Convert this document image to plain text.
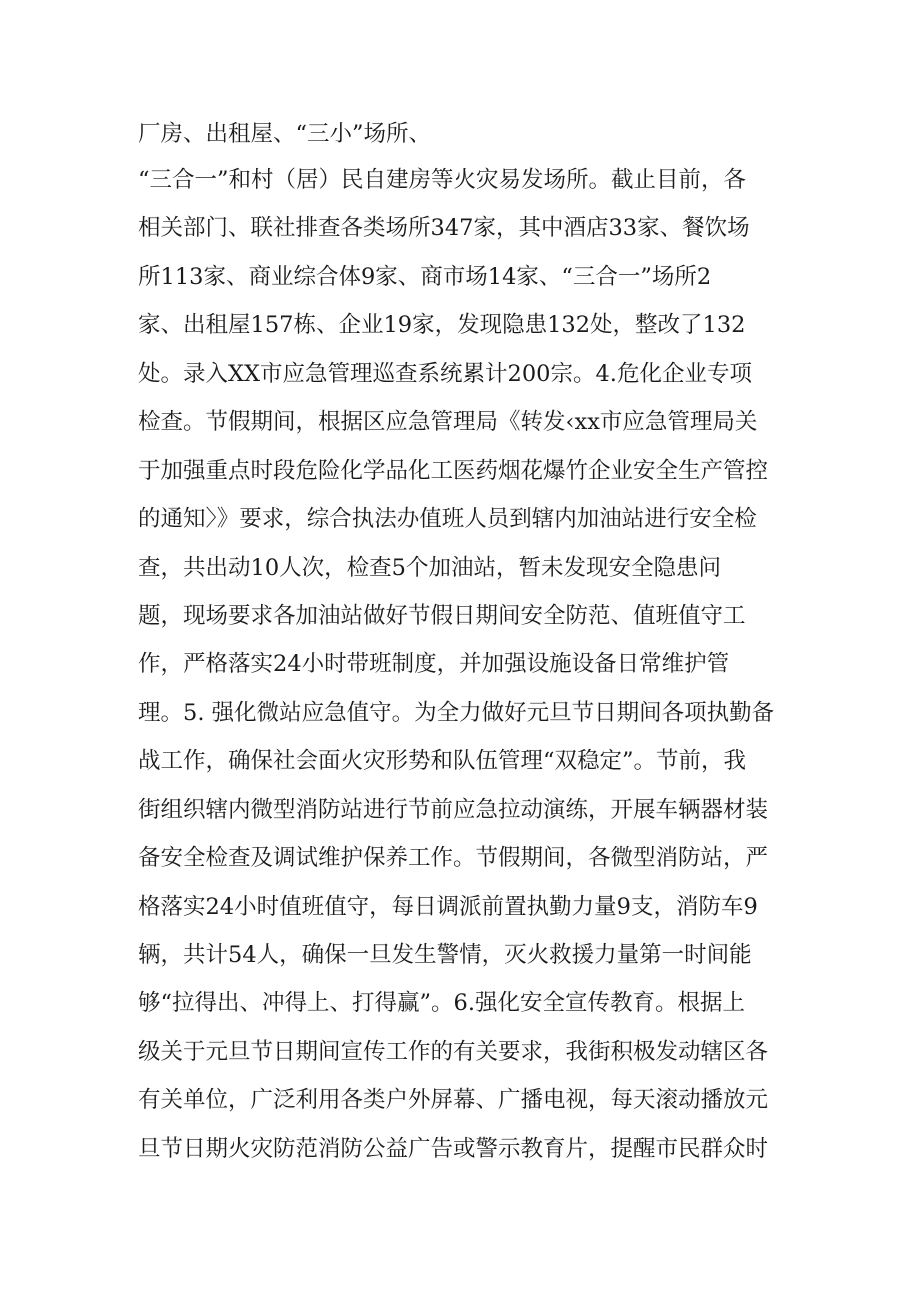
厂房、出租屋、“三小”场所、
“三合一”和村（居）民自建房等火灾易发场所。截止目前，各
相关部门、联社排查各类场所347家，其中酒店33家、餐饮场
所113家、商业综合体9家、商市场14家、“三合一”场所2
家、出租屋157栋、企业19家，发现隐患132处，整改了132
处。录入XX市应急管理巡查系统累计200宗。4.危化企业专项
检查。节假期间，根据区应急管理局《转发‹xx市应急管理局关
于加强重点时段危险化学品化工医药烟花爆竹企业安全生产管控
的通知〉》要求，综合执法办值班人员到辖内加油站进行安全检
查，共出动10人次，检查5个加油站，暂未发现安全隐患问
题，现场要求各加油站做好节假日期间安全防范、值班值守工
作，严格落实24小时带班制度，并加强设施设备日常维护管
理。5. 强化微站应急值守。为全力做好元旦节日期间各项执勤备
战工作，确保社会面火灾形势和队伍管理“双稳定”。节前，我
街组织辖内微型消防站进行节前应急拉动演练，开展车辆器材装
备安全检查及调试维护保养工作。节假期间，各微型消防站，严
格落实24小时值班值守，每日调派前置执勤力量9支，消防车9
辆，共计54人，确保一旦发生警情，灭火救援力量第一时间能
够“拉得出、冲得上、打得赢”。6.强化安全宣传教育。根据上
级关于元旦节日期间宣传工作的有关要求，我街积极发动辖区各
有关单位，广泛利用各类户外屏幕、广播电视，每天滚动播放元
旦节日期火灾防范消防公益广告或警示教育片，提醒市民群众时
